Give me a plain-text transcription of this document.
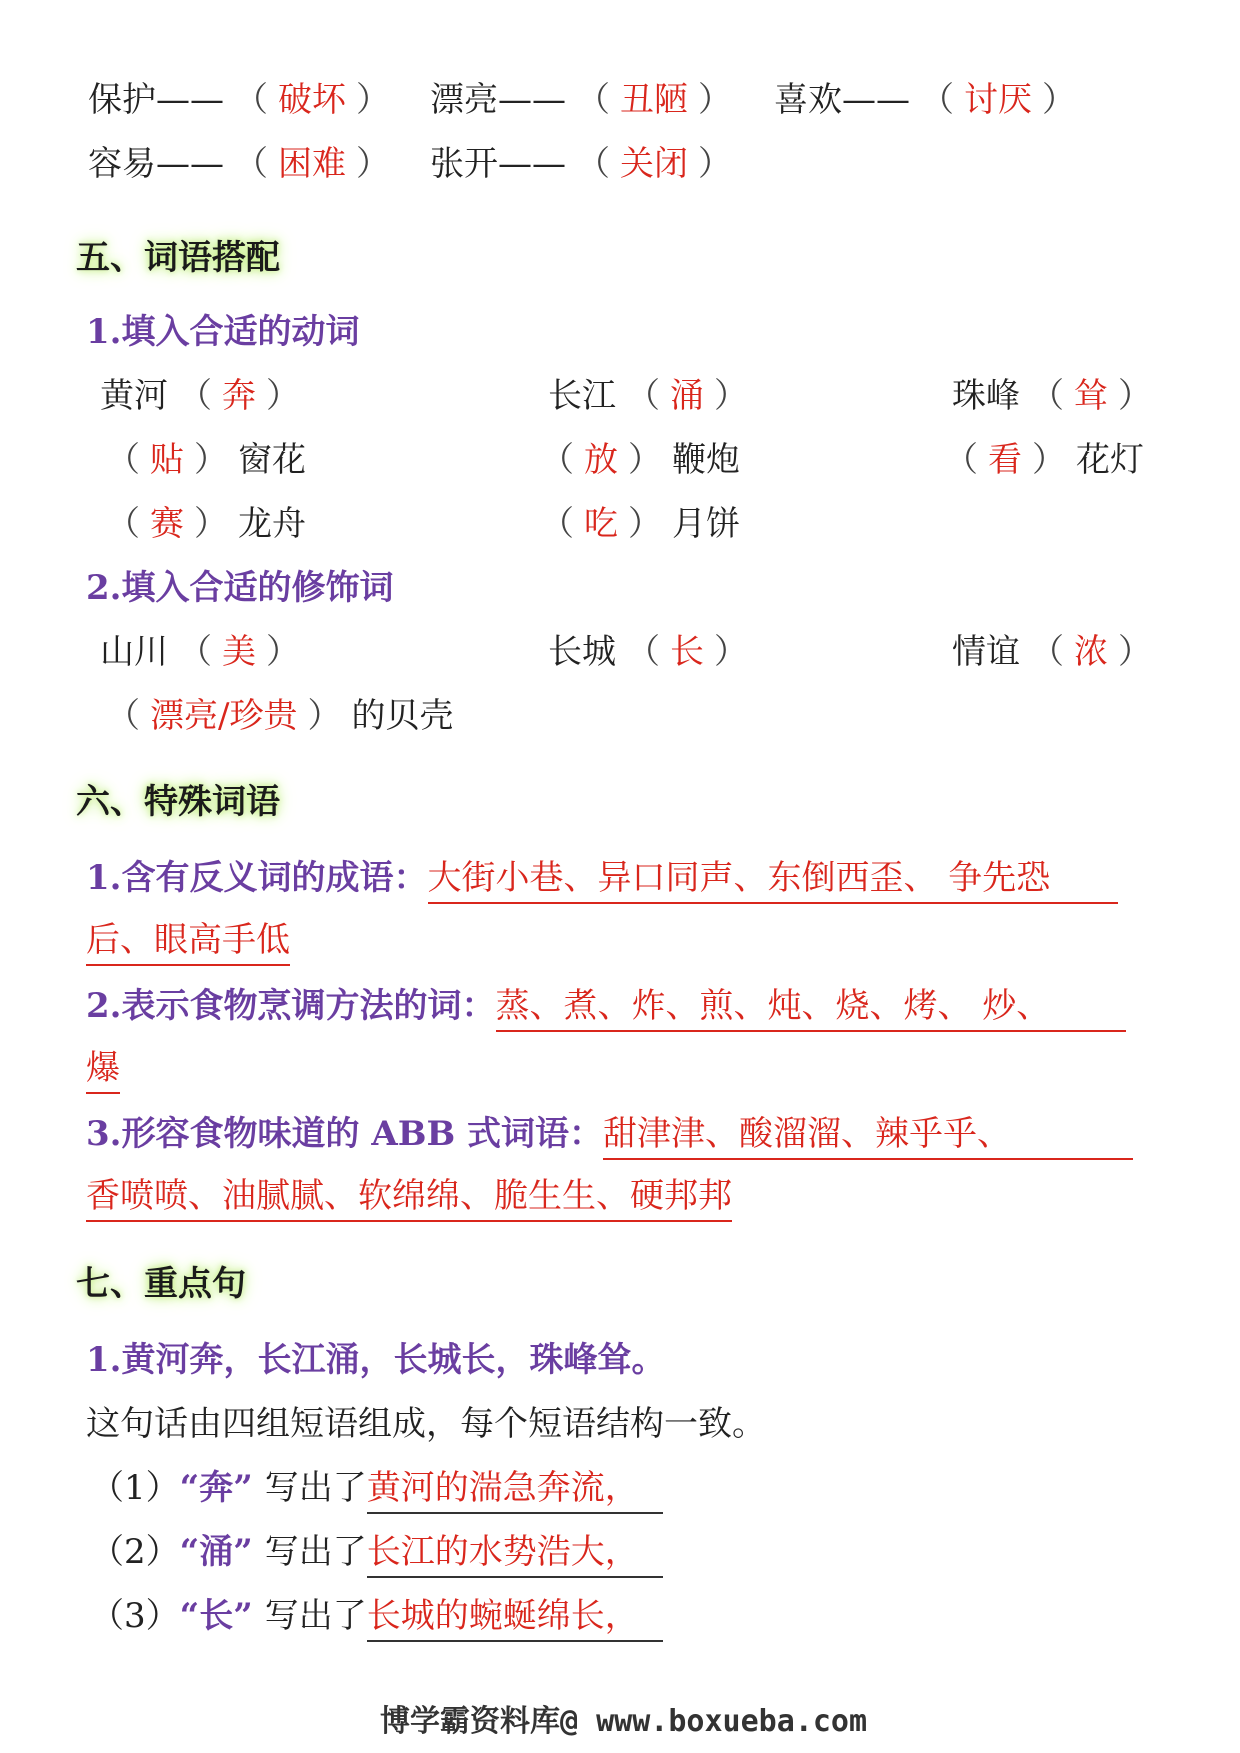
保护—— （ 破坏 ） 漂亮—— （ 丑陋 ） 喜欢—— （ 讨厌 ）
容易—— （ 困难 ） 张开—— （ 关闭 ）
五、词语搭配
1.填入合适的动词
黄河 （ 奔 ）	长江 （ 涌 ）	珠峰 （ 耸 ）
（ 贴 ） 窗花	（ 放 ） 鞭炮	（ 看 ） 花灯
（ 赛 ） 龙舟	（ 吃 ） 月饼
2.填入合适的修饰词
山川 （ 美 ）	长城 （ 长 ）	情谊 （ 浓 ）
（ 漂亮/珍贵 ） 的贝壳
六、特殊词语
1.含有反义词的成语：大街小巷、异口同声、东倒西歪、 争先恐
后、眼高手低
2.表示食物烹调方法的词：蒸、煮、炸、煎、炖、烧、烤、 炒、
爆
3.形容食物味道的 ABB 式词语：甜津津、酸溜溜、辣乎乎、
香喷喷、油腻腻、软绵绵、脆生生、硬邦邦
七、重点句
1.黄河奔，长江涌，长城长，珠峰耸。
这句话由四组短语组成，每个短语结构一致。
（1）“奔” 写出了黄河的湍急奔流，
（2）“涌” 写出了长江的水势浩大，
（3）“长” 写出了长城的蜿蜒绵长，
博学霸资料库@ www.boxueba.com
